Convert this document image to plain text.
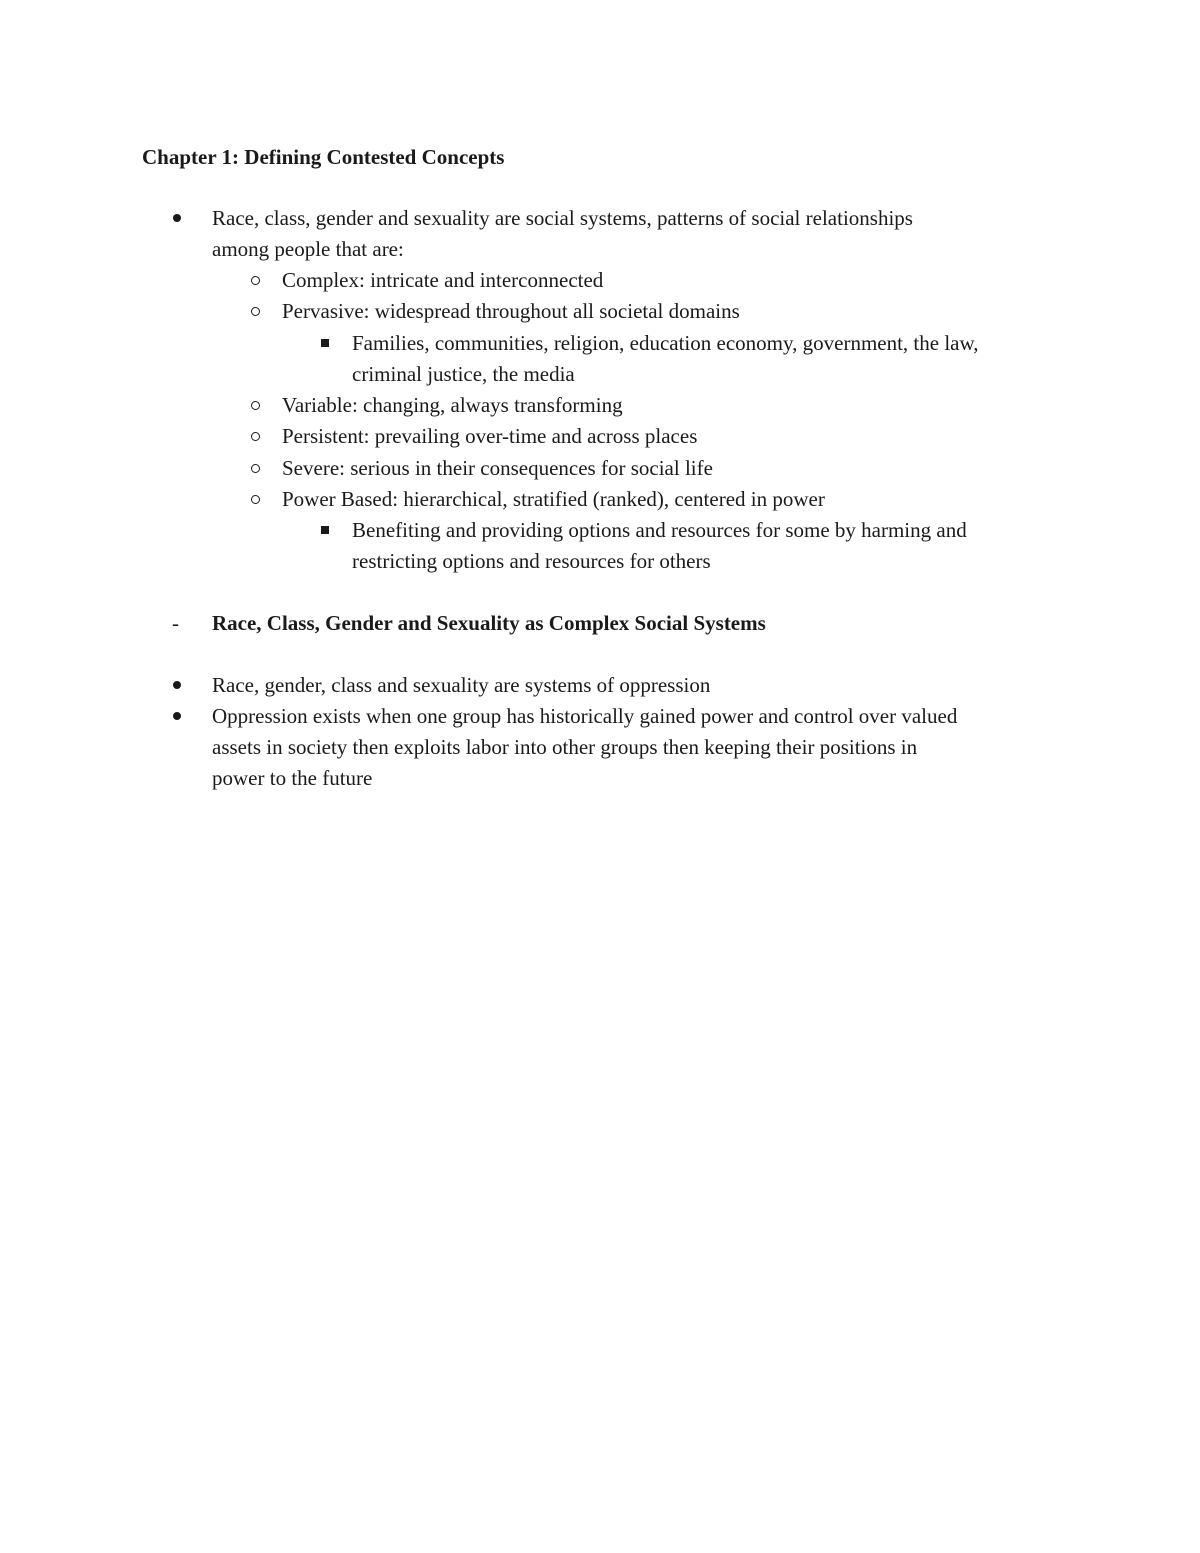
Chapter 1: Defining Contested Concepts
Race, class, gender and sexuality are social systems, patterns of social relationships
among people that are:
Complex: intricate and interconnected
Pervasive: widespread throughout all societal domains
Families, communities, religion, education economy, government, the law,
criminal justice, the media
Variable: changing, always transforming
Persistent: prevailing over-time and across places
Severe: serious in their consequences for social life
Power Based: hierarchical, stratified (ranked), centered in power
Benefiting and providing options and resources for some by harming and
restricting options and resources for others
-	Race, Class, Gender and Sexuality as Complex Social Systems
Race, gender, class and sexuality are systems of oppression
Oppression exists when one group has historically gained power and control over valued
assets in society then exploits labor into other groups then keeping their positions in
power to the future
